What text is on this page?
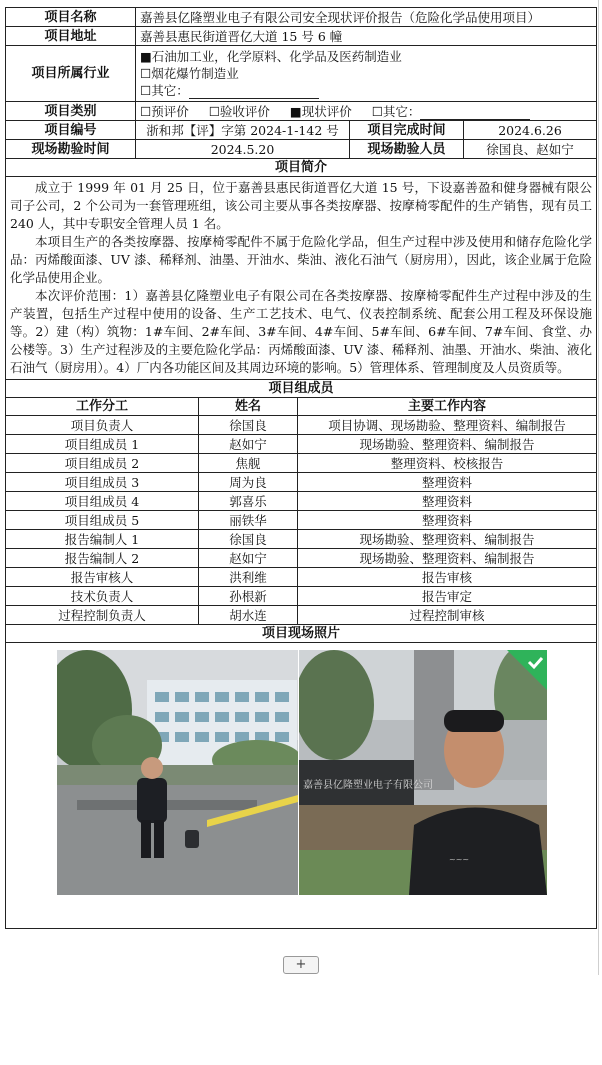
项目名称	嘉善县亿隆塑业电子有限公司安全现状评价报告（危险化学品使用项目）		
项目地址	嘉善县惠民街道晋亿大道 15 号 6 幢		
项目所属行业	■石油加工业，化学原料、化学品及医药制造业
☐烟花爆竹制造业
☐其它：		

项目类别	☐预评价 ☐验收评价 ■现状评价 ☐其它：		
项目编号	浙和邦【评】字第 2024-1-142 号	项目完成时间	2024.6.26
现场勘验时间	2024.5.20	现场勘验人员	徐国良、赵如宁
项目简介			

成立于 1999 年 01 月 25 日，位于嘉善县惠民街道晋亿大道 15 号，下设嘉善盈和健身器械有限公司子公司，2 个公司为一套管理班组，该公司主要从事各类按摩器、按摩椅零配件的生产销售，现有员工 240 人，其中专职安全管理人员 1 名。

本项目生产的各类按摩器、按摩椅零配件不属于危险化学品，但生产过程中涉及使用和储存危险化学品：丙烯酸面漆、UV 漆、稀释剂、油墨、开油水、柴油、液化石油气（厨房用），因此，该企业属于危险化学品使用企业。

本次评价范围：1）嘉善县亿隆塑业电子有限公司在各类按摩器、按摩椅零配件生产过程中涉及的生产装置，包括生产过程中使用的设备、生产工艺技术、电气、仪表控制系统、配套公用工程及环保设施等。2）建（构）筑物：1#车间、2#车间、3#车间、4#车间、5#车间、6#车间、7#车间、食堂、办公楼等。3）生产过程涉及的主要危险化学品：丙烯酸面漆、UV 漆、稀释剂、油墨、开油水、柴油、液化石油气（厨房用）。4）厂内各功能区间及其周边环境的影响。5）管理体系、管理制度及人员资质等。			

项目组成员		
工作分工	姓名	主要工作内容
项目负责人	徐国良	项目协调、现场勘验、整理资料、编制报告
项目组成员 1	赵如宁	现场勘验、整理资料、编制报告
项目组成员 2	焦舰	整理资料、校核报告
项目组成员 3	周为良	整理资料
项目组成员 4	郭喜乐	整理资料
项目组成员 5	丽铁华	整理资料
报告编制人 1	徐国良	现场勘验、整理资料、编制报告
报告编制人 2	赵如宁	现场勘验、整理资料、编制报告
报告审核人	洪利维	报告审核
技术负责人	孙根新	报告审定
过程控制负责人	胡水连	过程控制审核
项目现场照片		

嘉善县亿隆塑业电子有限公司
~~~		
+
